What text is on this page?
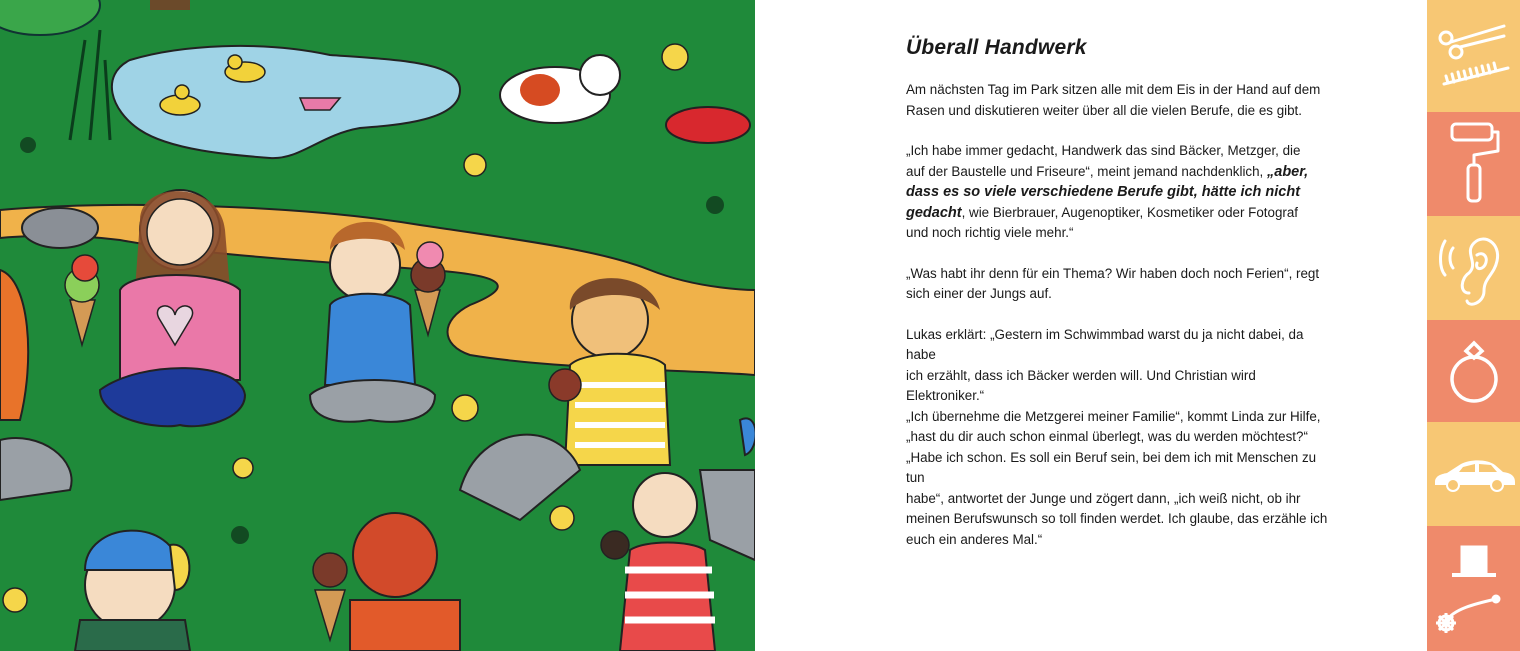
Überall Handwerk

Am nächsten Tag im Park sitzen alle mit dem Eis in der Hand auf dem
Rasen und diskutieren weiter über all die vielen Berufe, die es gibt.

„Ich habe immer gedacht, Handwerk das sind Bäcker, Metzger, die
auf der Baustelle und Friseure“, meint jemand nachdenklich, „aber,
dass es so viele verschiedene Berufe gibt, hätte ich nicht
gedacht, wie Bierbrauer, Augenoptiker, Kosmetiker oder Fotograf
und noch richtig viele mehr.“

„Was habt ihr denn für ein Thema? Wir haben doch noch Ferien“, regt
sich einer der Jungs auf.

Lukas erklärt: „Gestern im Schwimmbad warst du ja nicht dabei, da habe
ich erzählt, dass ich Bäcker werden will. Und Christian wird Elektroniker.“
„Ich übernehme die Metzgerei meiner Familie“, kommt Linda zur Hilfe,
„hast du dir auch schon einmal überlegt, was du werden möchtest?“
„Habe ich schon. Es soll ein Beruf sein, bei dem ich mit Menschen zu tun
habe“, antwortet der Junge und zögert dann, „ich weiß nicht, ob ihr
meinen Berufswunsch so toll finden werdet. Ich glaube, das erzähle ich
euch ein anderes Mal.“
